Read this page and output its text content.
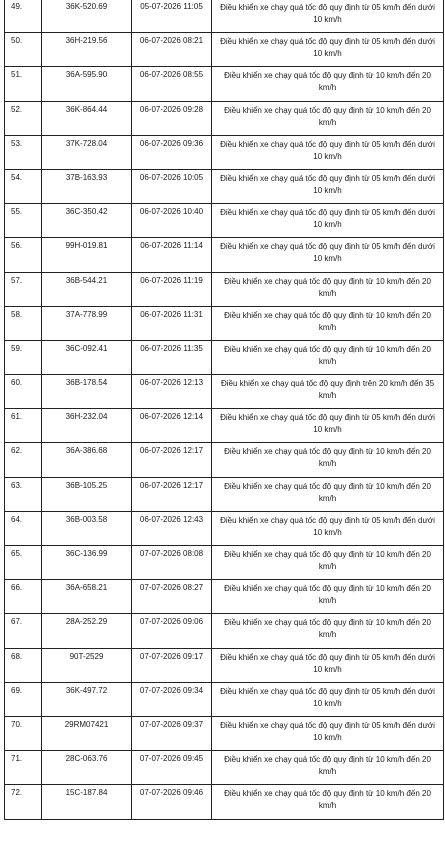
49.	36K-520.69	05-07-2026 11:05	Điều khiển xe chạy quá tốc độ quy định từ 05 km/h đến dưới 10 km/h
50.	36H-219.56	06-07-2026 08:21	Điều khiển xe chạy quá tốc độ quy định từ 05 km/h đến dưới 10 km/h
51.	36A-595.90	06-07-2026 08:55	Điều khiển xe chạy quá tốc độ quy định từ 10 km/h đến 20 km/h
52.	36K-864.44	06-07-2026 09:28	Điều khiển xe chạy quá tốc độ quy định từ 10 km/h đến 20 km/h
53.	37K-728.04	06-07-2026 09:36	Điều khiển xe chạy quá tốc độ quy định từ 05 km/h đến dưới 10 km/h
54.	37B-163.93	06-07-2026 10:05	Điều khiển xe chạy quá tốc độ quy định từ 05 km/h đến dưới 10 km/h
55.	36C-350.42	06-07-2026 10:40	Điều khiển xe chạy quá tốc độ quy định từ 05 km/h đến dưới 10 km/h
56.	99H-019.81	06-07-2026 11:14	Điều khiển xe chạy quá tốc độ quy định từ 05 km/h đến dưới 10 km/h
57.	36B-544.21	06-07-2026 11:19	Điều khiển xe chạy quá tốc độ quy định từ 10 km/h đến 20 km/h
58.	37A-778.99	06-07-2026 11:31	Điều khiển xe chạy quá tốc độ quy định từ 10 km/h đến 20 km/h
59.	36C-092.41	06-07-2026 11:35	Điều khiển xe chạy quá tốc độ quy định từ 10 km/h đến 20 km/h
60.	36B-178.54	06-07-2026 12:13	Điều khiển xe chạy quá tốc độ quy định trên 20 km/h đến 35 km/h
61.	36H-232.04	06-07-2026 12:14	Điều khiển xe chạy quá tốc độ quy định từ 05 km/h đến dưới 10 km/h
62.	36A-386.68	06-07-2026 12:17	Điều khiển xe chạy quá tốc độ quy định từ 10 km/h đến 20 km/h
63.	36B-105.25	06-07-2026 12:17	Điều khiển xe chạy quá tốc độ quy định từ 10 km/h đến 20 km/h
64.	36B-003.58	06-07-2026 12:43	Điều khiển xe chạy quá tốc độ quy định từ 05 km/h đến dưới 10 km/h
65.	36C-136.99	07-07-2026 08:08	Điều khiển xe chạy quá tốc độ quy định từ 10 km/h đến 20 km/h
66.	36A-658.21	07-07-2026 08:27	Điều khiển xe chạy quá tốc độ quy định từ 10 km/h đến 20 km/h
67.	28A-252.29	07-07-2026 09:06	Điều khiển xe chạy quá tốc độ quy định từ 10 km/h đến 20 km/h
68.	90T-2529	07-07-2026 09:17	Điều khiển xe chạy quá tốc độ quy định từ 05 km/h đến dưới 10 km/h
69.	36K-497.72	07-07-2026 09:34	Điều khiển xe chạy quá tốc độ quy định từ 05 km/h đến dưới 10 km/h
70.	29RM07421	07-07-2026 09:37	Điều khiển xe chạy quá tốc độ quy định từ 05 km/h đến dưới 10 km/h
71.	28C-063.76	07-07-2026 09:45	Điều khiển xe chạy quá tốc độ quy định từ 10 km/h đến 20 km/h
72.	15C-187.84	07-07-2026 09:46	Điều khiển xe chạy quá tốc độ quy định từ 10 km/h đến 20 km/h
